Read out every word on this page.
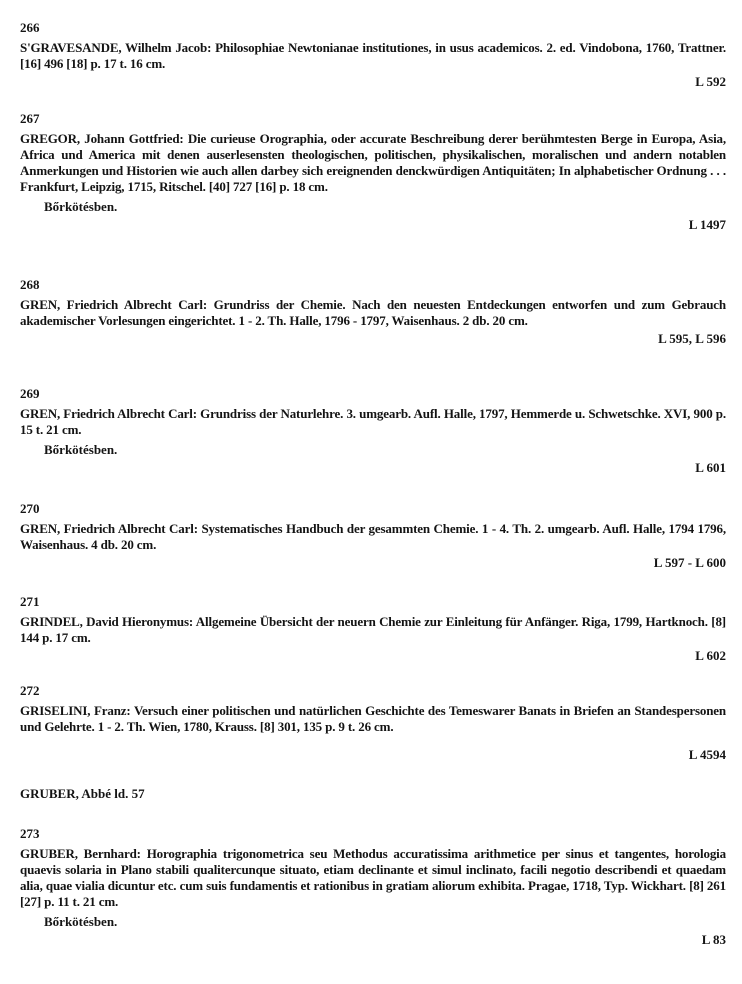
266
S'GRAVESANDE, Wilhelm Jacob: Philosophiae Newtonianae institutiones, in usus academicos. 2. ed. Vindobona, 1760, Trattner. [16] 496 [18] p. 17 t. 16 cm.
L 592
267
GREGOR, Johann Gottfried: Die curieuse Orographia, oder accurate Beschreibung derer berühmtesten Berge in Europa, Asia, Africa und America mit denen auserlesensten theologischen, politischen, physikalischen, moralischen und andern notablen Anmerkungen und Historien wie auch allen darbey sich ereignenden denckwürdigen Antiquitäten; In alphabetischer Ordnung . . . Frankfurt, Leipzig, 1715, Ritschel. [40] 727 [16] p. 18 cm.
Bőrkötésben.
L 1497
268
GREN, Friedrich Albrecht Carl: Grundriss der Chemie. Nach den neuesten Entdeckungen entworfen und zum Gebrauch akademischer Vorlesungen eingerichtet. 1 - 2. Th. Halle, 1796 - 1797, Waisenhaus. 2 db. 20 cm.
L 595, L 596
269
GREN, Friedrich Albrecht Carl: Grundriss der Naturlehre. 3. umgearb. Aufl. Halle, 1797, Hemmerde u. Schwetschke. XVI, 900 p. 15 t. 21 cm.
Bőrkötésben.
L 601
270
GREN, Friedrich Albrecht Carl: Systematisches Handbuch der gesammten Chemie. 1 - 4. Th. 2. umgearb. Aufl. Halle, 1794 1796, Waisenhaus. 4 db. 20 cm.
L 597 - L 600
271
GRINDEL, David Hieronymus: Allgemeine Übersicht der neuern Chemie zur Einleitung für Anfänger. Riga, 1799, Hartknoch. [8] 144 p. 17 cm.
L 602
272
GRISELINI, Franz: Versuch einer politischen und natürlichen Geschichte des Temeswarer Banats in Briefen an Standespersonen und Gelehrte. 1 - 2. Th. Wien, 1780, Krauss. [8] 301, 135 p. 9 t. 26 cm.
L 4594
GRUBER, Abbé ld. 57
273
GRUBER, Bernhard: Horographia trigonometrica seu Methodus accuratissima arithmetice per sinus et tangentes, horologia quaevis solaria in Plano stabili qualitercunque situato, etiam declinante et simul inclinato, facili negotio describendi et quaedam alia, quae vialia dicuntur etc. cum suis fundamentis et rationibus in gratiam aliorum exhibita. Pragae, 1718, Typ. Wickhart. [8] 261 [27] p. 11 t. 21 cm.
Bőrkötésben.
L 83
